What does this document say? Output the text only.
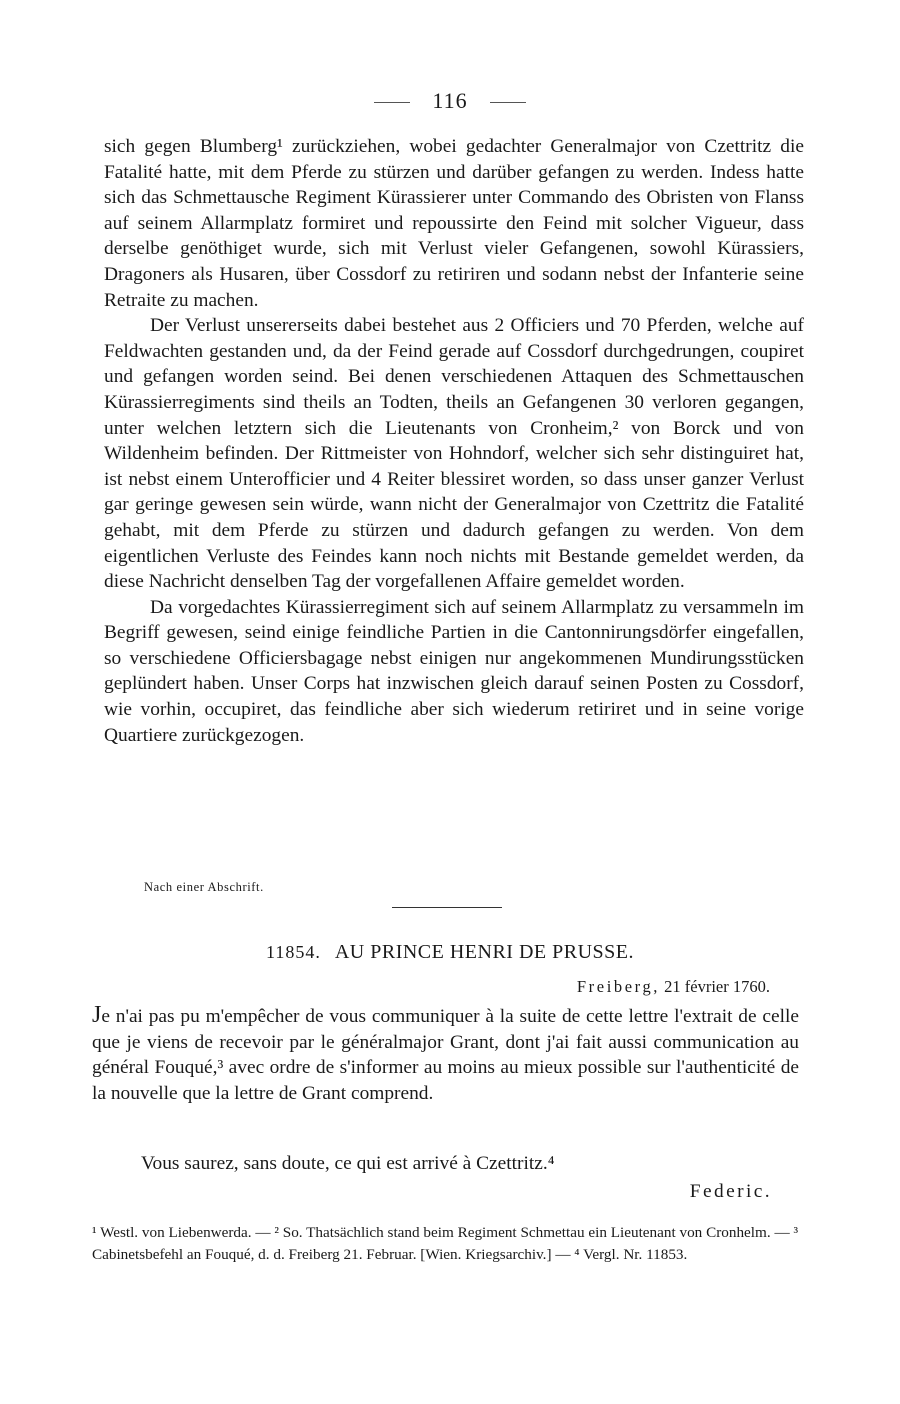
116

sich gegen Blumberg¹ zurückziehen, wobei gedachter Generalmajor von Czettritz die Fatalité hatte, mit dem Pferde zu stürzen und darüber gefangen zu werden. Indess hatte sich das Schmettausche Regiment Kürassierer unter Commando des Obristen von Flanss auf seinem Allarmplatz formiret und repoussirte den Feind mit solcher Vigueur, dass derselbe genöthiget wurde, sich mit Verlust vieler Gefangenen, sowohl Kürassiers, Dragoners als Husaren, über Cossdorf zu retiriren und sodann nebst der Infanterie seine Retraite zu machen.

Der Verlust unsererseits dabei bestehet aus 2 Officiers und 70 Pferden, welche auf Feldwachten gestanden und, da der Feind gerade auf Cossdorf durchgedrungen, coupiret und gefangen worden seind. Bei denen verschiedenen Attaquen des Schmettauschen Kürassierregiments sind theils an Todten, theils an Gefangenen 30 verloren gegangen, unter welchen letztern sich die Lieutenants von Cronheim,² von Borck und von Wildenheim befinden. Der Rittmeister von Hohndorf, welcher sich sehr distinguiret hat, ist nebst einem Unterofficier und 4 Reiter blessiret worden, so dass unser ganzer Verlust gar geringe gewesen sein würde, wann nicht der Generalmajor von Czettritz die Fatalité gehabt, mit dem Pferde zu stürzen und dadurch gefangen zu werden. Von dem eigentlichen Verluste des Feindes kann noch nichts mit Bestande gemeldet werden, da diese Nachricht denselben Tag der vorgefallenen Affaire gemeldet worden.

Da vorgedachtes Kürassierregiment sich auf seinem Allarmplatz zu versammeln im Begriff gewesen, seind einige feindliche Partien in die Cantonnirungsdörfer eingefallen, so verschiedene Officiersbagage nebst einigen nur angekommenen Mundirungsstücken geplündert haben. Unser Corps hat inzwischen gleich darauf seinen Posten zu Cossdorf, wie vorhin, occupiret, das feindliche aber sich wiederum retiriret und in seine vorige Quartiere zurückgezogen.

Nach einer Abschrift.
11854. AU PRINCE HENRI DE PRUSSE.
Freiberg, 21 février 1760.

Je n'ai pas pu m'empêcher de vous communiquer à la suite de cette lettre l'extrait de celle que je viens de recevoir par le généralmajor Grant, dont j'ai fait aussi communication au général Fouqué,³ avec ordre de s'informer au moins au mieux possible sur l'authenticité de la nouvelle que la lettre de Grant comprend.

Vous saurez, sans doute, ce qui est arrivé à Czettritz.⁴
Federic.

¹ Westl. von Liebenwerda. — ² So. Thatsächlich stand beim Regiment Schmettau ein Lieutenant von Cronhelm. — ³ Cabinetsbefehl an Fouqué, d. d. Freiberg 21. Februar. [Wien. Kriegsarchiv.] — ⁴ Vergl. Nr. 11853.
